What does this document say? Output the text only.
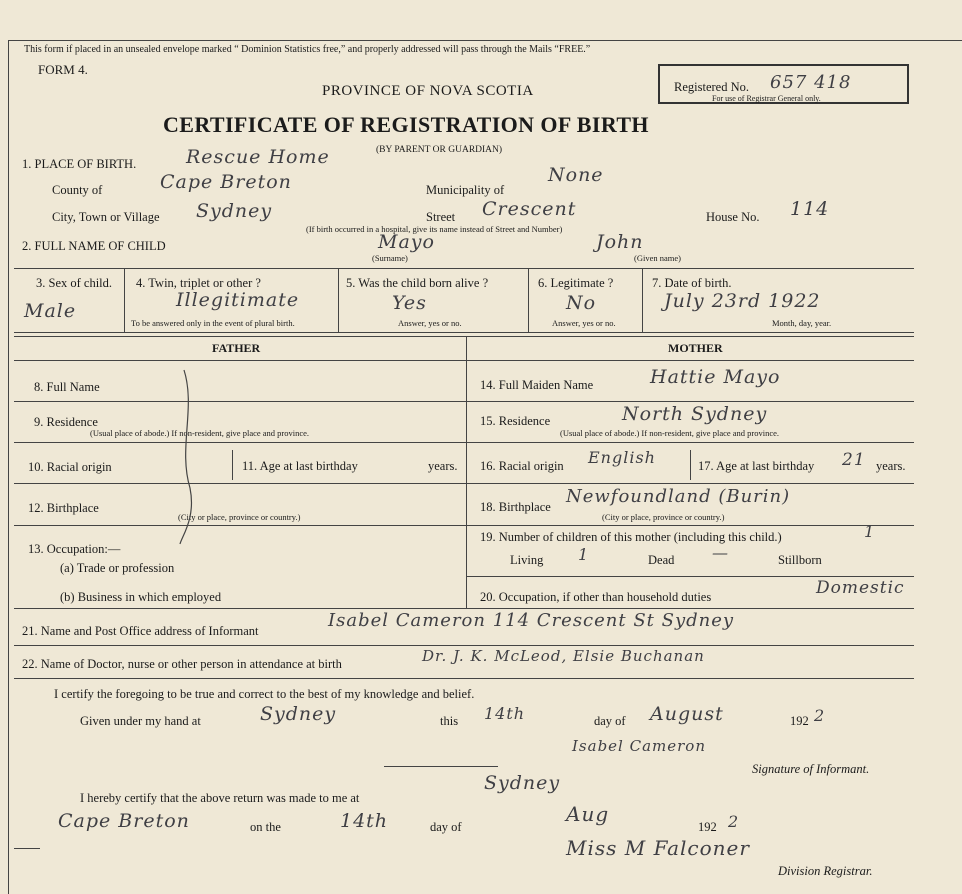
This form if placed in an unsealed envelope marked “ Dominion Statistics free,” and properly addressed will pass through the Mails “FREE.”
FORM 4.
PROVINCE OF NOVA SCOTIA
CERTIFICATE OF REGISTRATION OF BIRTH
(BY PARENT OR GUARDIAN)
Registered No. 657 418
For use of Registrar General only.
1. PLACE OF BIRTH.	Rescue Home
County of	Cape Breton	Municipality of
None
City, Town or Village Sydney	Street Crescent
(If birth occurred in a hospital, give its name instead of Street and Number)
House No. 114
2. FULL NAME OF CHILD	Mayo	John
(Surname)	(Given name)
3. Sex of child.
Male
4. Twin, triplet or other ?
Illegitimate
To be answered only in the event of plural birth.
5. Was the child born alive ?
Yes
Answer, yes or no.
6. Legitimate ?
No
Answer, yes or no.
7. Date of birth.
July 23rd 1922
Month, day, year.
FATHER	MOTHER
8. Full Name
9. Residence
(Usual place of abode.) If non-resident, give place and province.
10. Racial origin	11. Age at last birthday	years.
12. Birthplace
(City or place, province or country.)
13. Occupation:—
(a) Trade or profession
(b) Business in which employed
14. Full Maiden Name	Hattie Mayo
15. Residence	North Sydney
(Usual place of abode.) If non-resident, give place and province.
16. Racial origin English	17. Age at last birthday 21 years.
18. Birthplace Newfoundland (Burin)
(City or place, province or country.)
19. Number of children of this mother (including this child.)	1
Living 1	Dead —	Stillborn
20. Occupation, if other than household duties	Domestic
21. Name and Post Office address of Informant	Isabel Cameron 114 Crescent St Sydney
22. Name of Doctor, nurse or other person in attendance at birth	Dr. J. K. McLeod, Elsie Buchanan
I certify the foregoing to be true and correct to the best of my knowledge and belief.
Given under my hand at	Sydney	this 14th	day of August	192 2
Isabel Cameron
Signature of Informant.
I hereby certify that the above return was made to me at
Sydney
Cape Breton	on the	14th	day of
Aug
192 2
Miss M Falconer
Division Registrar.
